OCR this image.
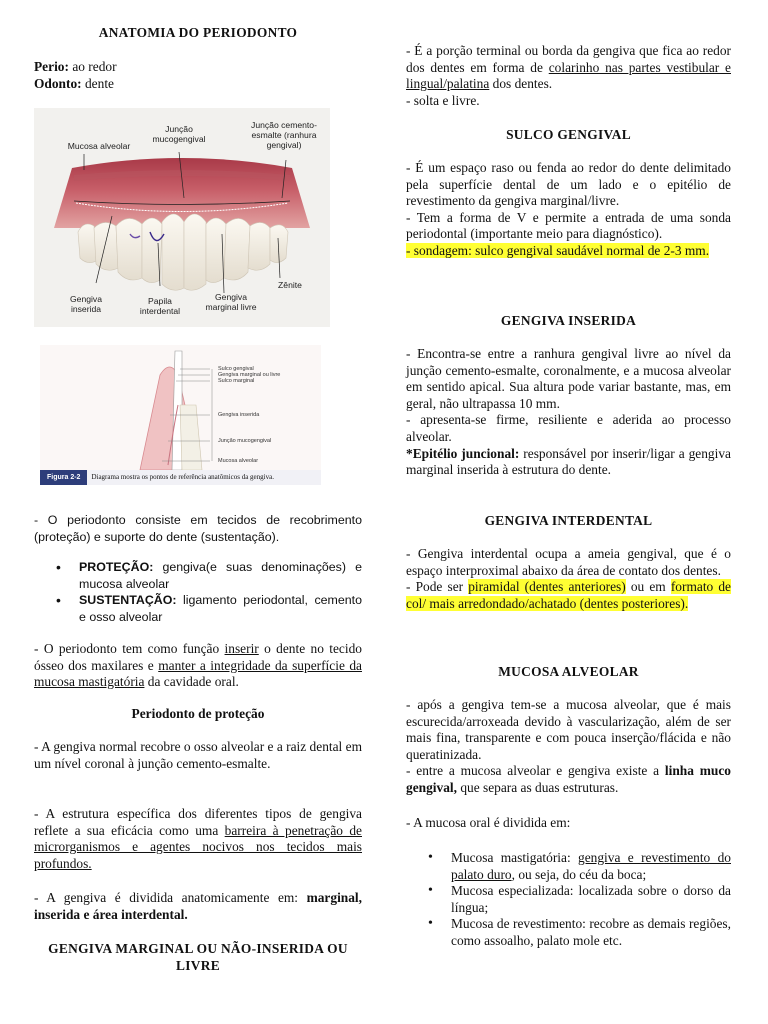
ANATOMIA DO PERIODONTO
Perio: ao redor
Odonto: dente
Mucosa alveolar
Junção mucogengival
Junção cemento-esmalte (ranhura gengival)
Gengiva inserida
Papila interdental
Gengiva marginal livre
Zênite
Sulco gengival
Gengiva marginal ou livre
Sulco marginal
Gengiva inserida
Junção mucogengival
Mucosa alveolar
Figura 2-2 Diagrama mostra os pontos de referência anatômicos da gengiva.

- O periodonto consiste em tecidos de recobrimento (proteção) e suporte do dente (sustentação).

• PROTEÇÃO: gengiva(e suas denominações) e mucosa alveolar
• SUSTENTAÇÃO: ligamento periodontal, cemento e osso alveolar

- O periodonto tem como função inserir o dente no tecido ósseo dos maxilares e manter a integridade da superfície da mucosa mastigatória da cavidade oral.

Periodonto de proteção

- A gengiva normal recobre o osso alveolar e a raiz dental em um nível coronal à junção cemento-esmalte.

- A estrutura específica dos diferentes tipos de gengiva reflete a sua eficácia como uma barreira à penetração de microrganismos e agentes nocivos nos tecidos mais profundos.

- A gengiva é dividida anatomicamente em: marginal, inserida e área interdental.

GENGIVA MARGINAL OU NÃO-INSERIDA OU LIVRE

- É a porção terminal ou borda da gengiva que fica ao redor dos dentes em forma de colarinho nas partes vestibular e lingual/palatina dos dentes.
- solta e livre.

SULCO GENGIVAL

- É um espaço raso ou fenda ao redor do dente delimitado pela superfície dental de um lado e o epitélio de revestimento da gengiva marginal/livre.
- Tem a forma de V e permite a entrada de uma sonda periodontal (importante meio para diagnóstico).
- sondagem: sulco gengival saudável normal de 2-3 mm.

GENGIVA INSERIDA

- Encontra-se entre a ranhura gengival livre ao nível da junção cemento-esmalte, coronalmente, e a mucosa alveolar em sentido apical. Sua altura pode variar bastante, mas, em geral, não ultrapassa 10 mm.
- apresenta-se firme, resiliente e aderida ao processo alveolar.
*Epitélio juncional: responsável por inserir/ligar a gengiva marginal inserida à estrutura do dente.

GENGIVA INTERDENTAL

- Gengiva interdental ocupa a ameia gengival, que é o espaço interproximal abaixo da área de contato dos dentes.
- Pode ser piramidal (dentes anteriores) ou em formato de col/ mais arredondado/achatado (dentes posteriores).

MUCOSA ALVEOLAR

- após a gengiva tem-se a mucosa alveolar, que é mais escurecida/arroxeada devido à vascularização, além de ser mais fina, transparente e com pouca inserção/flácida e não queratinizada.
- entre a mucosa alveolar e gengiva existe a linha muco gengival, que separa as duas estruturas.

- A mucosa oral é dividida em:

• Mucosa mastigatória: gengiva e revestimento do palato duro, ou seja, do céu da boca;
• Mucosa especializada: localizada sobre o dorso da língua;
• Mucosa de revestimento: recobre as demais regiões, como assoalho, palato mole etc.
